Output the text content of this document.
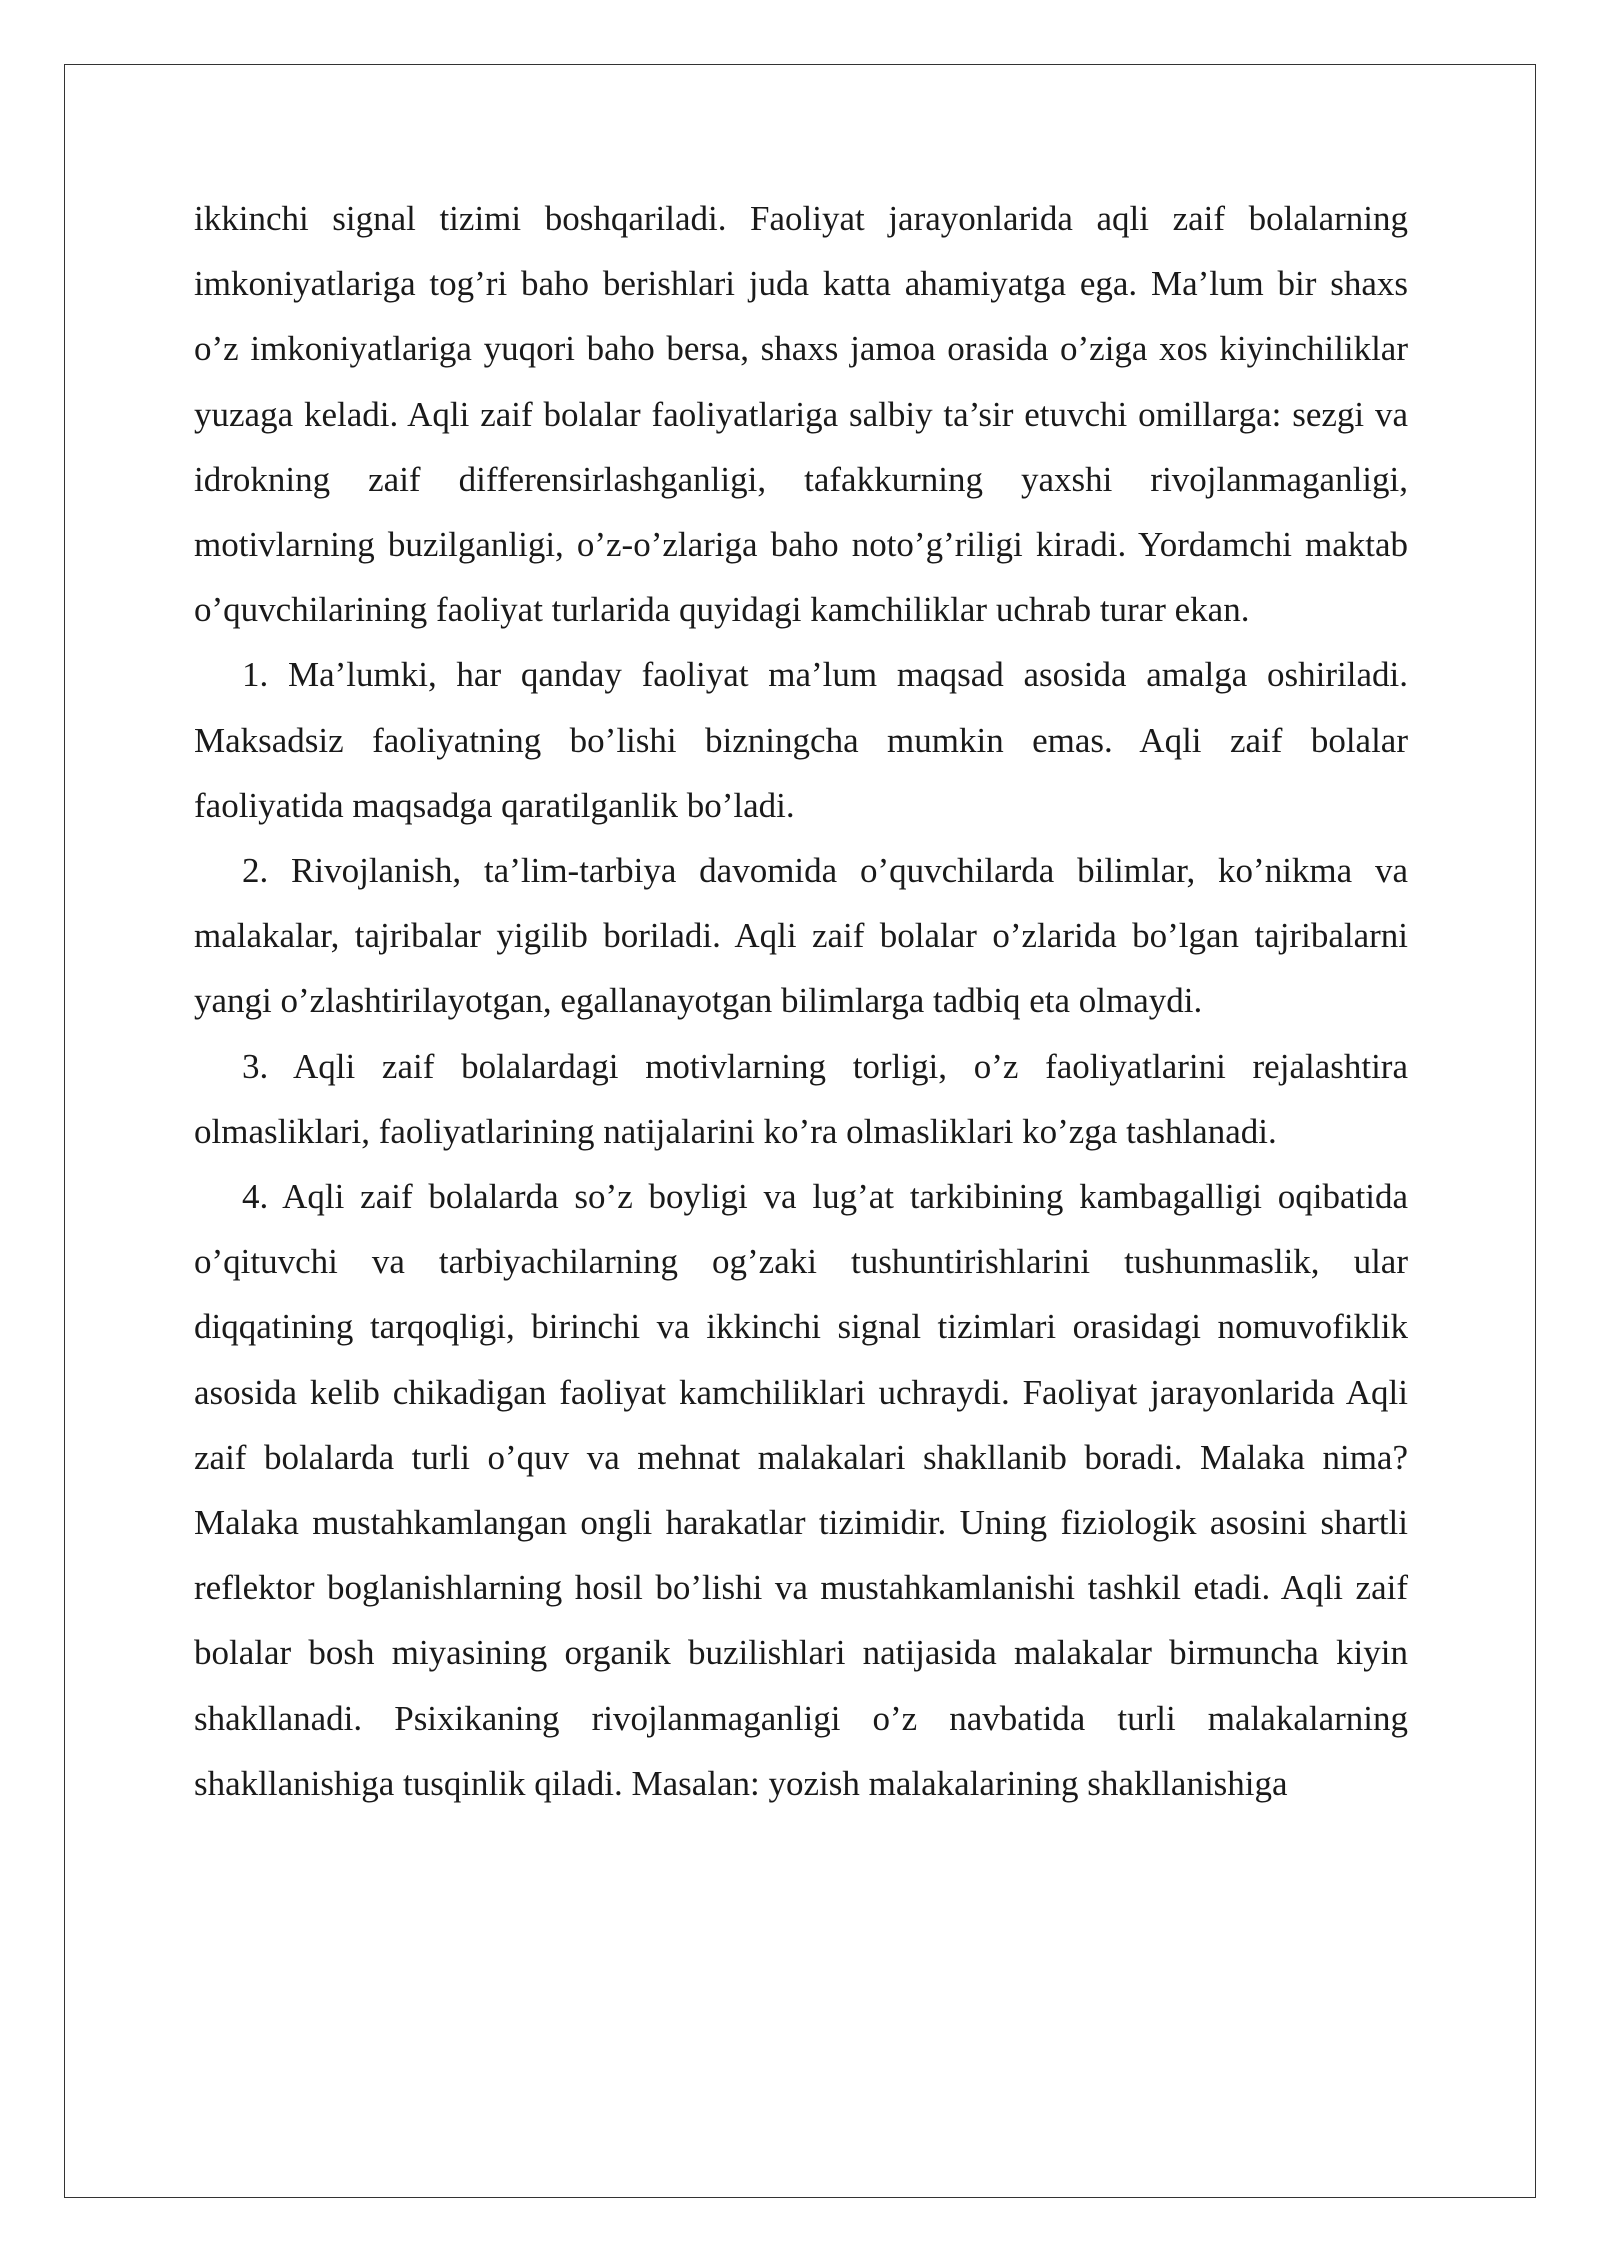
ikkinchi signal tizimi boshqariladi. Faoliyat jarayonlarida aqli zaif bolalarning imkoniyatlariga tog’ri baho berishlari juda katta ahamiyatga ega. Ma’lum bir shaxs o’z imkoniyatlariga yuqori baho bersa, shaxs jamoa orasida o’ziga xos kiyinchiliklar yuzaga keladi. Aqli zaif bolalar faoliyatlariga salbiy ta’sir etuvchi omillarga: sezgi va idrokning zaif differensirlashganligi, tafakkurning yaxshi rivojlanmaganligi, motivlarning buzilganligi, o’z-o’zlariga baho noto’g’riligi kiradi. Yordamchi maktab o’quvchilarining faoliyat turlarida quyidagi kamchiliklar uchrab turar ekan.

1. Ma’lumki, har qanday faoliyat ma’lum maqsad asosida amalga oshiriladi. Maksadsiz faoliyatning bo’lishi bizningcha mumkin emas. Aqli zaif bolalar faoliyatida maqsadga qaratilganlik bo’ladi.

2. Rivojlanish, ta’lim-tarbiya davomida o’quvchilarda bilimlar, ko’nikma va malakalar, tajribalar yigilib boriladi. Aqli zaif bolalar o’zlarida bo’lgan tajribalarni yangi o’zlashtirilayotgan, egallanayotgan bilimlarga tadbiq eta olmaydi.

3. Aqli zaif bolalardagi motivlarning torligi, o’z faoliyatlarini rejalashtira olmasliklari, faoliyatlarining natijalarini ko’ra olmasliklari ko’zga tashlanadi.

4. Aqli zaif bolalarda so’z boyligi va lug’at tarkibining kambagalligi oqibatida o’qituvchi va tarbiyachilarning og’zaki tushuntirishlarini tushunmaslik, ular diqqatining tarqoqligi, birinchi va ikkinchi signal tizimlari orasidagi nomuvofiklik asosida kelib chikadigan faoliyat kamchiliklari uchraydi. Faoliyat jarayonlarida Aqli zaif bolalarda turli o’quv va mehnat malakalari shakllanib boradi. Malaka nima? Malaka mustahkamlangan ongli harakatlar tizimidir. Uning fiziologik asosini shartli reflektor boglanishlarning hosil bo’lishi va mustahkamlanishi tashkil etadi. Aqli zaif bolalar bosh miyasining organik buzilishlari natijasida malakalar birmuncha kiyin shakllanadi. Psixikaning rivojlanmaganligi o’z navbatida turli malakalarning shakllanishiga tusqinlik qiladi. Masalan: yozish malakalarining shakllanishiga
